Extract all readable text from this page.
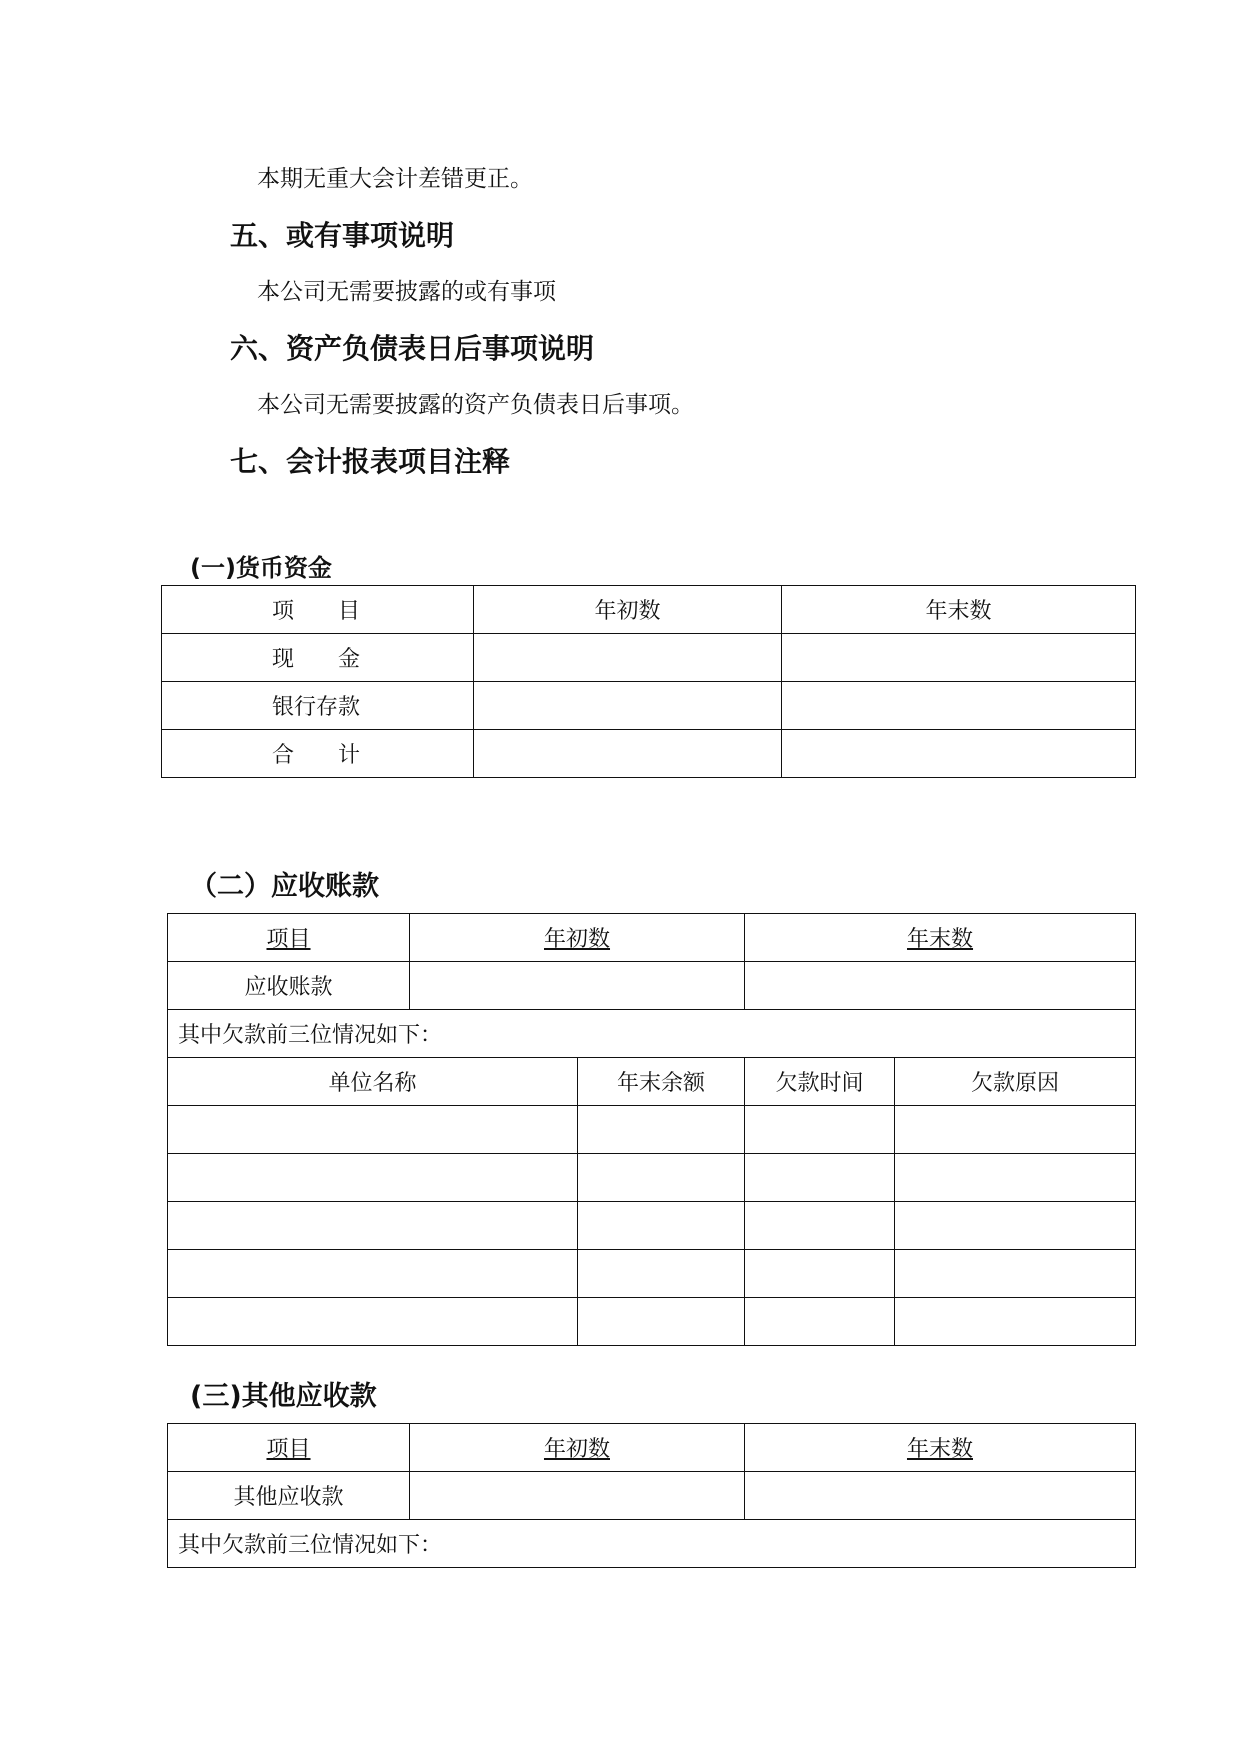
本期无重大会计差错更正。
五、或有事项说明
本公司无需要披露的或有事项
六、资产负债表日后事项说明
本公司无需要披露的资产负债表日后事项。
七、会计报表项目注释
(一)货币资金
项　　目	年初数	年末数
现　　金		
银行存款		
合　　计		
（二）应收账款
项目	年初数		年末数	
应收账款				
其中欠款前三位情况如下：				
单位名称		年末余额	欠款时间	欠款原因

(三)其他应收款
项目	年初数	年末数
其他应收款		
其中欠款前三位情况如下：		
